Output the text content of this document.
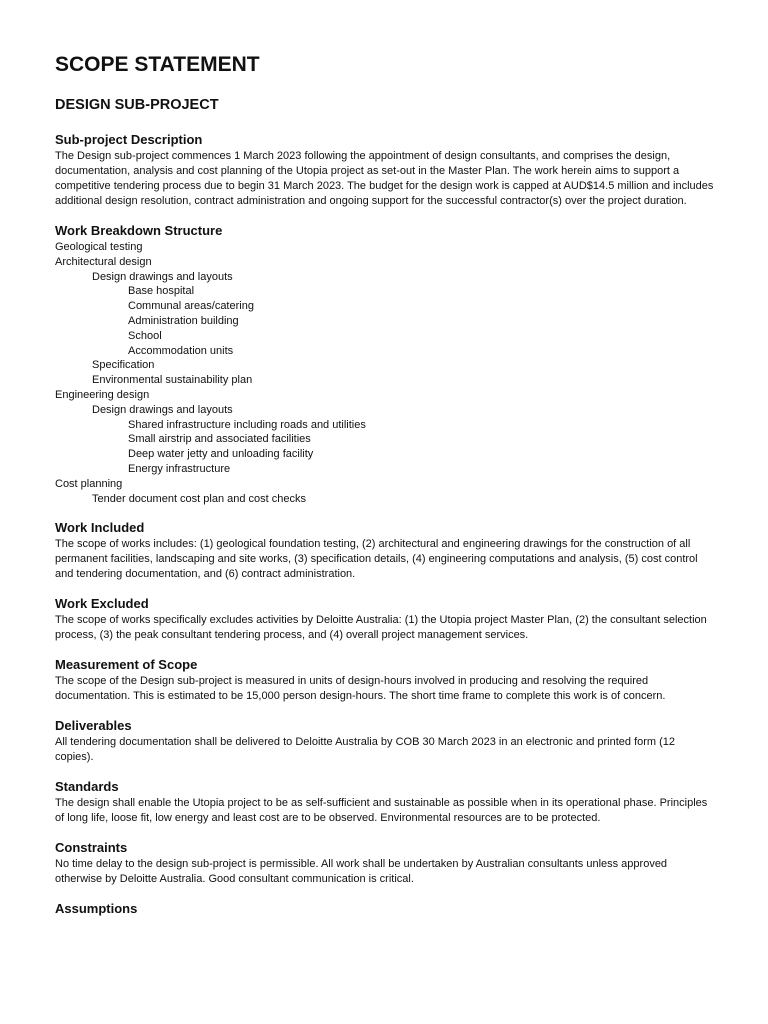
SCOPE STATEMENT
DESIGN SUB-PROJECT
Sub-project Description

The Design sub-project commences 1 March 2023 following the appointment of design consultants, and comprises the design, documentation, analysis and cost planning of the Utopia project as set-out in the Master Plan. The work herein aims to support a competitive tendering process due to begin 31 March 2023. The budget for the design work is capped at AUD$14.5 million and includes additional design resolution, contract administration and ongoing support for the successful contractor(s) over the project duration.

Work Breakdown Structure
Geological testing
Architectural design
Design drawings and layouts
Base hospital
Communal areas/catering
Administration building
School
Accommodation units
Specification
Environmental sustainability plan
Engineering design
Design drawings and layouts
Shared infrastructure including roads and utilities
Small airstrip and associated facilities
Deep water jetty and unloading facility
Energy infrastructure
Cost planning
Tender document cost plan and cost checks
Work Included

The scope of works includes: (1) geological foundation testing, (2) architectural and engineering drawings for the construction of all permanent facilities, landscaping and site works, (3) specification details, (4) engineering computations and analysis, (5) cost control and tendering documentation, and (6) contract administration.

Work Excluded

The scope of works specifically excludes activities by Deloitte Australia: (1) the Utopia project Master Plan, (2) the consultant selection process, (3) the peak consultant tendering process, and (4) overall project management services.

Measurement of Scope

The scope of the Design sub-project is measured in units of design-hours involved in producing and resolving the required documentation. This is estimated to be 15,000 person design-hours. The short time frame to complete this work is of concern.

Deliverables

All tendering documentation shall be delivered to Deloitte Australia by COB 30 March 2023 in an electronic and printed form (12 copies).

Standards

The design shall enable the Utopia project to be as self-sufficient and sustainable as possible when in its operational phase. Principles of long life, loose fit, low energy and least cost are to be observed. Environmental resources are to be protected.

Constraints

No time delay to the design sub-project is permissible. All work shall be undertaken by Australian consultants unless approved otherwise by Deloitte Australia. Good consultant communication is critical.

Assumptions
